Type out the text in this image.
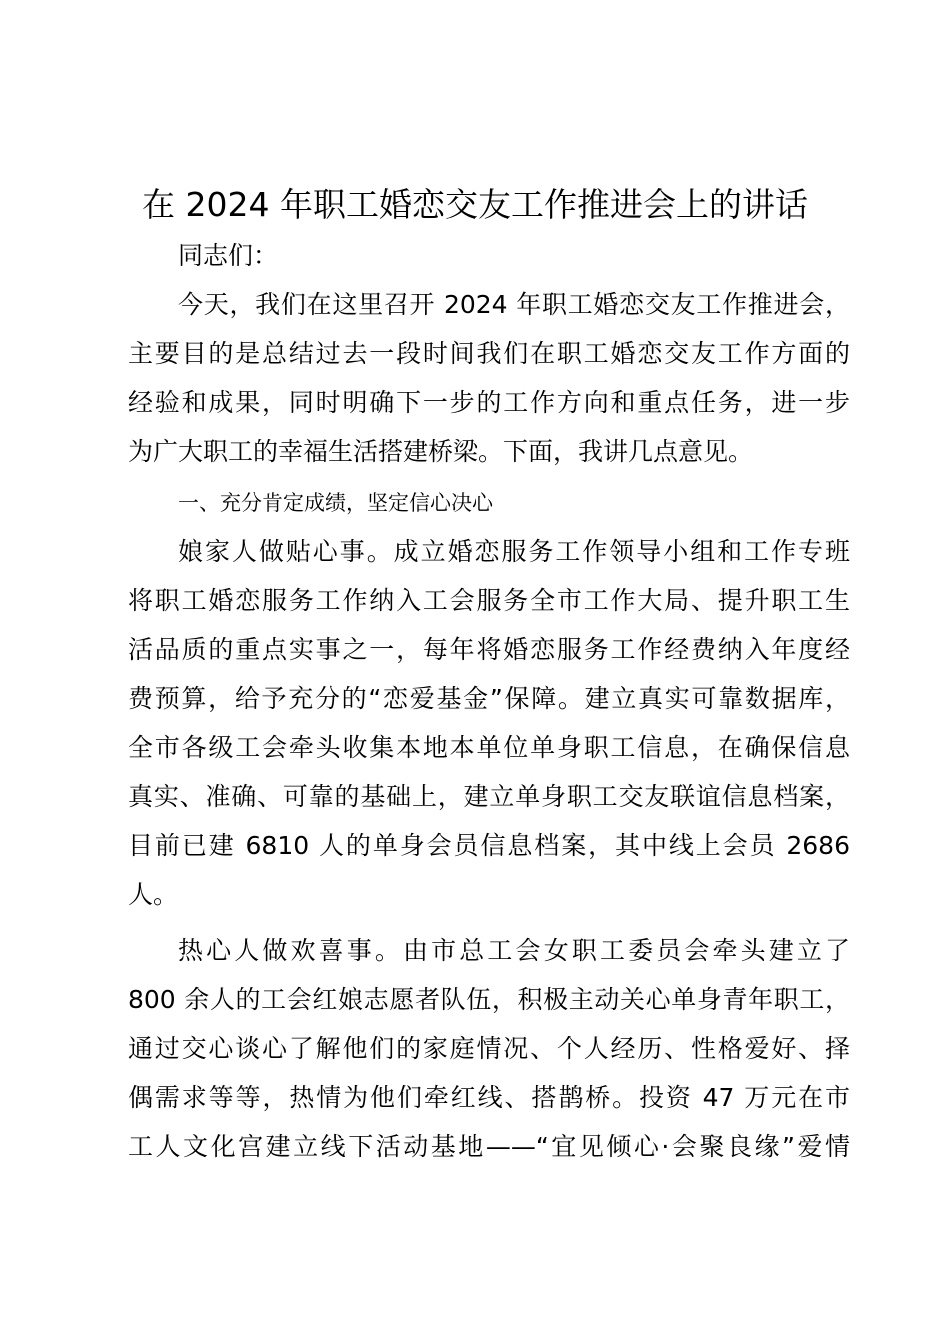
在 2024 年职工婚恋交友工作推进会上的讲话
同志们：
今天，我们在这里召开 2024 年职工婚恋交友工作推进会，
主要目的是总结过去一段时间我们在职工婚恋交友工作方面的
经验和成果，同时明确下一步的工作方向和重点任务，进一步
为广大职工的幸福生活搭建桥梁。下面，我讲几点意见。
一、充分肯定成绩，坚定信心决心
娘家人做贴心事。成立婚恋服务工作领导小组和工作专班
将职工婚恋服务工作纳入工会服务全市工作大局、提升职工生
活品质的重点实事之一，每年将婚恋服务工作经费纳入年度经
费预算，给予充分的“恋爱基金”保障。建立真实可靠数据库，
全市各级工会牵头收集本地本单位单身职工信息，在确保信息
真实、准确、可靠的基础上，建立单身职工交友联谊信息档案，
目前已建 6810 人的单身会员信息档案，其中线上会员 2686
人。
热心人做欢喜事。由市总工会女职工委员会牵头建立了
800 余人的工会红娘志愿者队伍，积极主动关心单身青年职工，
通过交心谈心了解他们的家庭情况、个人经历、性格爱好、择
偶需求等等，热情为他们牵红线、搭鹊桥。投资 47 万元在市
工人文化宫建立线下活动基地——“宜见倾心·会聚良缘”爱情
